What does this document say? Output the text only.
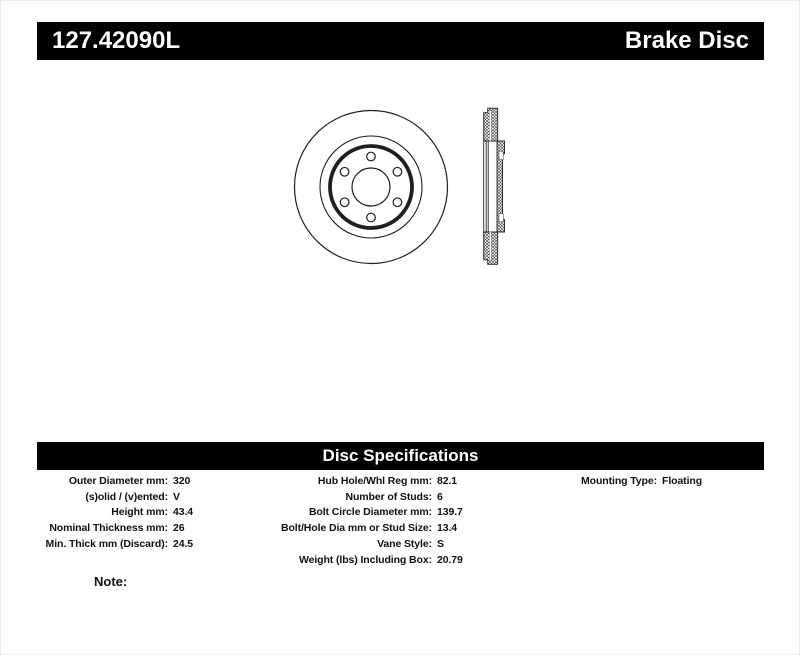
127.42090L	Brake Disc
Disc Specifications
Outer Diameter mm: 320
(s)olid / (v)ented: V
Height mm: 43.4
Nominal Thickness mm: 26
Min. Thick mm (Discard): 24.5
Hub Hole/Whl Reg mm: 82.1
Number of Studs: 6
Bolt Circle Diameter mm: 139.7
Bolt/Hole Dia mm or Stud Size: 13.4
Vane Style: S
Weight (lbs) Including Box: 20.79
Mounting Type: Floating
Note:
